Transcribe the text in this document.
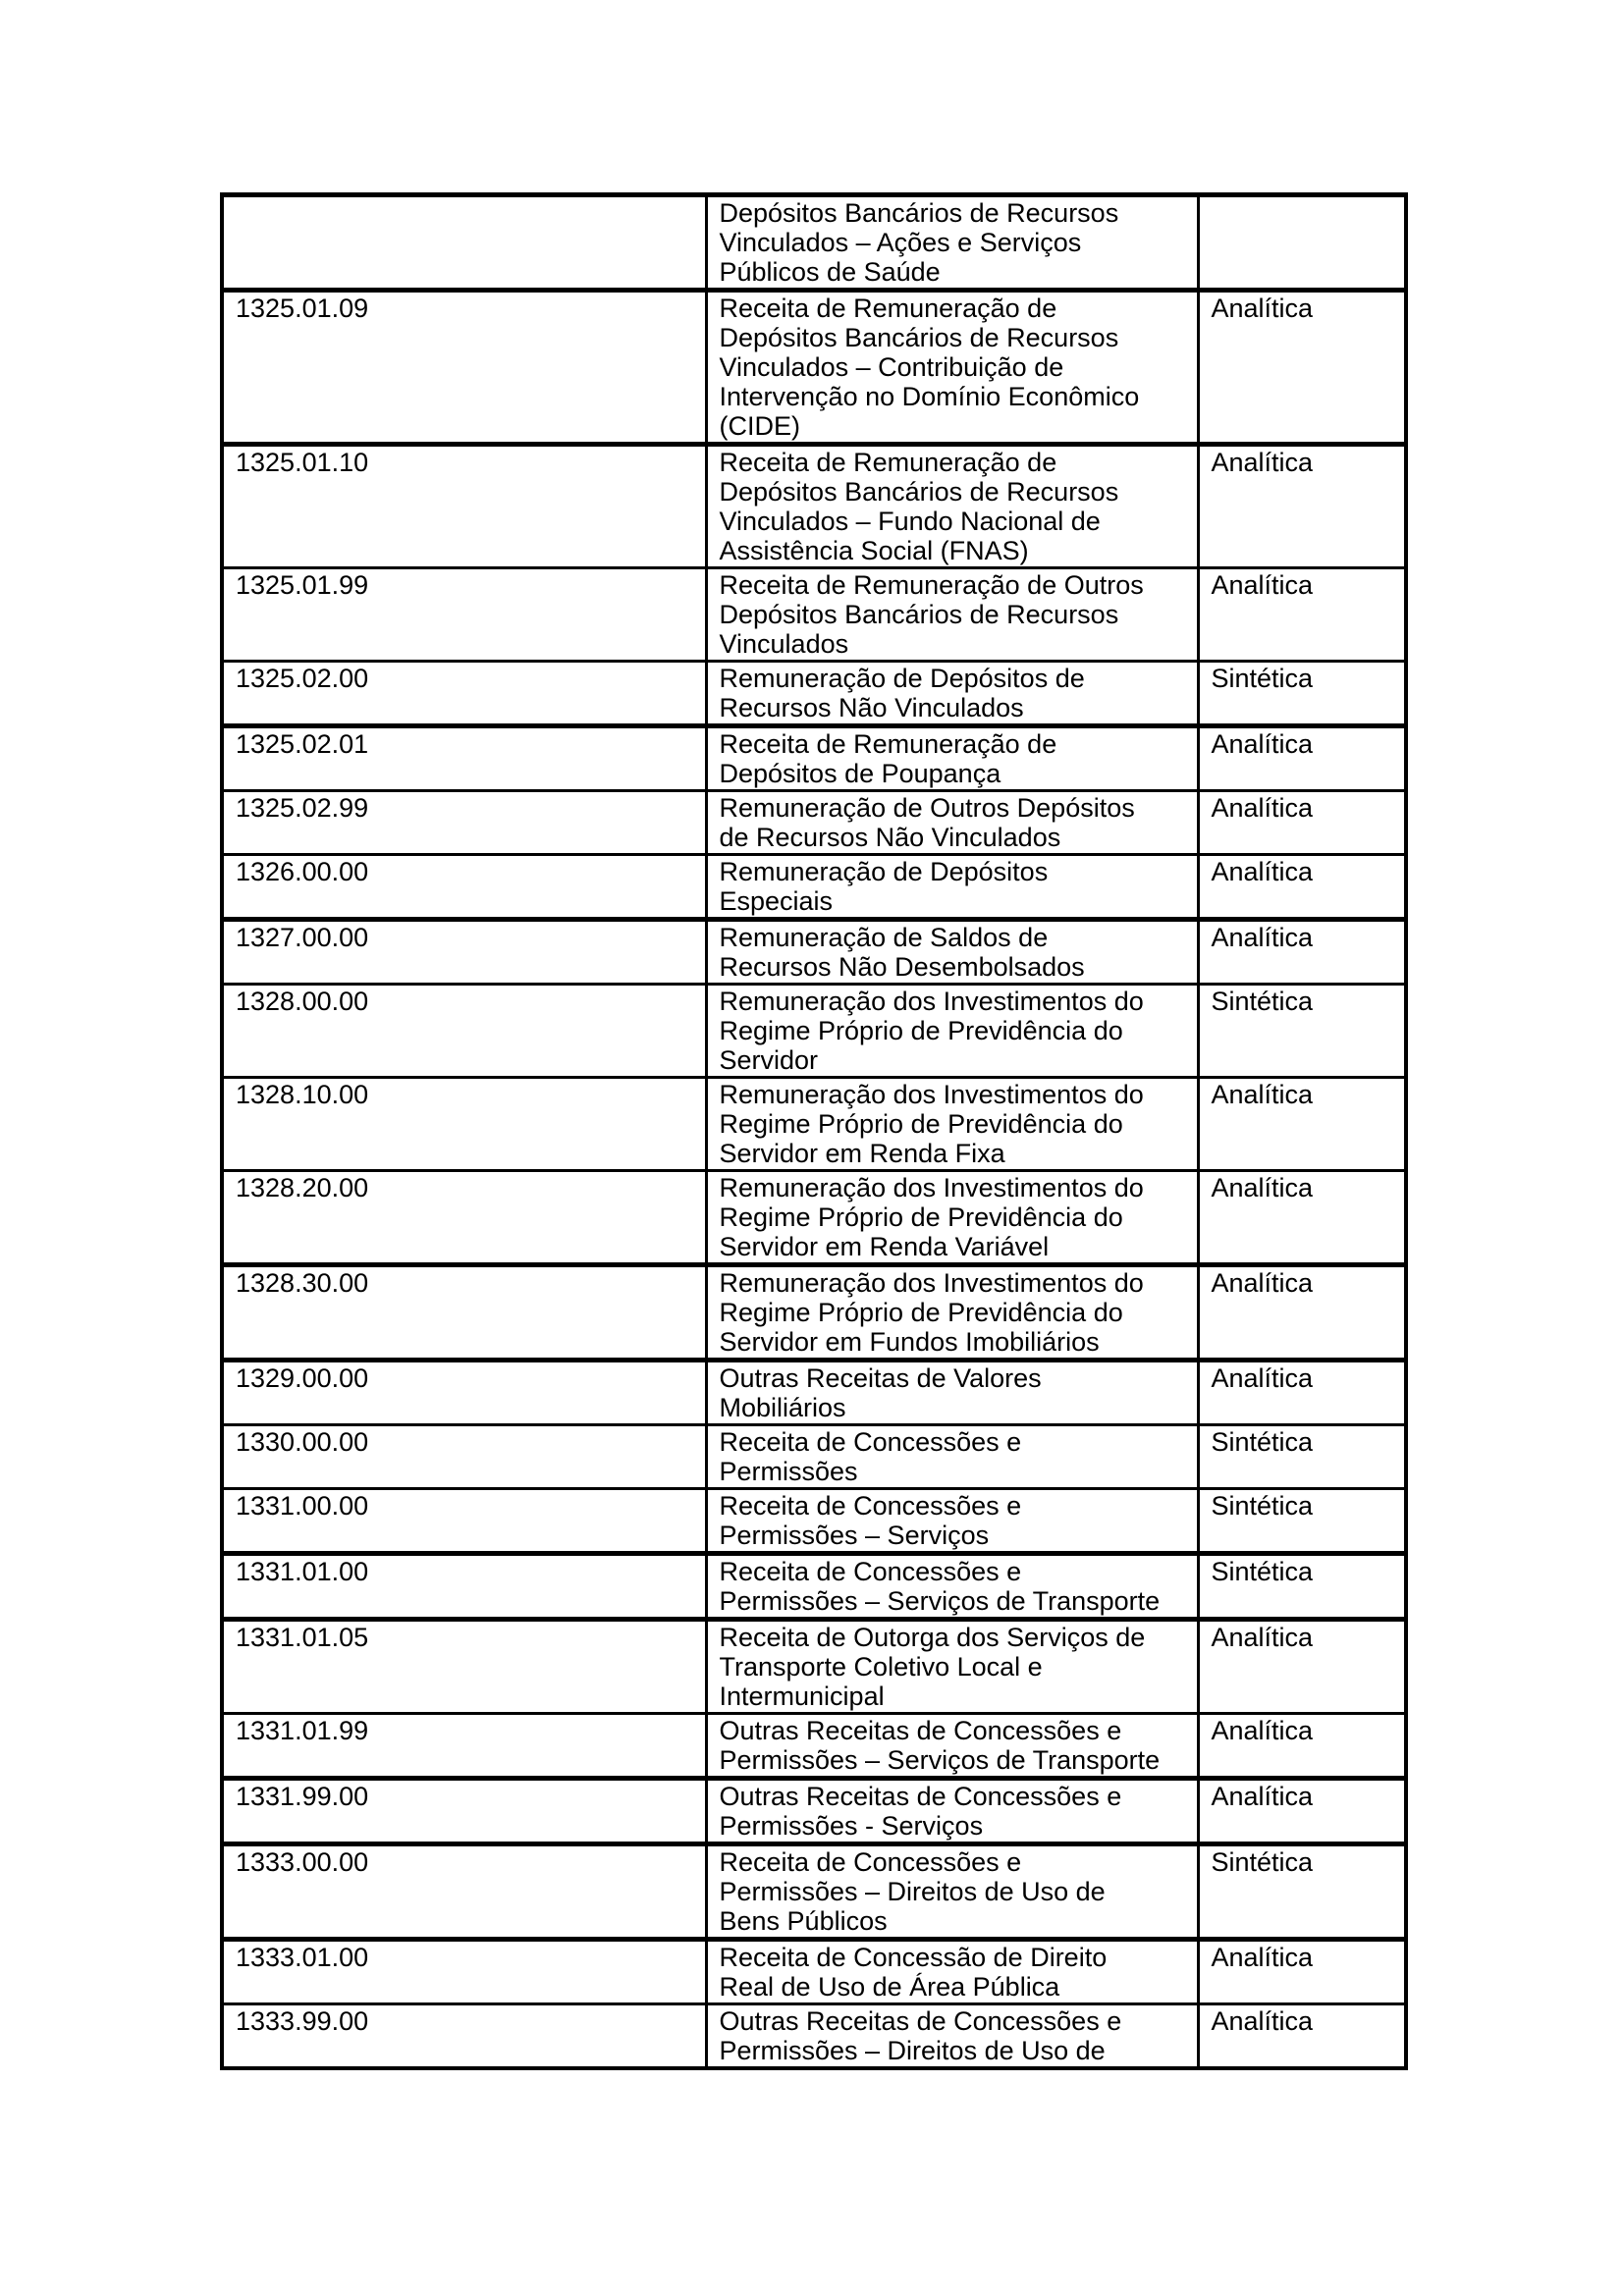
	Depósitos Bancários de Recursos
Vinculados – Ações e Serviços
Públicos de Saúde	

1325.01.09	Receita de Remuneração de
Depósitos Bancários de Recursos
Vinculados – Contribuição de
Intervenção no Domínio Econômico
(CIDE)	Analítica
1325.01.10	Receita de Remuneração de
Depósitos Bancários de Recursos
Vinculados – Fundo Nacional de
Assistência Social (FNAS)	Analítica
1325.01.99	Receita de Remuneração de Outros
Depósitos Bancários de Recursos
Vinculados	Analítica
1325.02.00	Remuneração de Depósitos de
Recursos Não Vinculados	Sintética
1325.02.01	Receita de Remuneração de
Depósitos de Poupança	Analítica
1325.02.99	Remuneração de Outros Depósitos
de Recursos Não Vinculados	Analítica
1326.00.00	Remuneração de Depósitos
Especiais	Analítica
1327.00.00	Remuneração de Saldos de
Recursos Não Desembolsados	Analítica
1328.00.00	Remuneração dos Investimentos do
Regime Próprio de Previdência do
Servidor	Sintética
1328.10.00	Remuneração dos Investimentos do
Regime Próprio de Previdência do
Servidor em Renda Fixa	Analítica
1328.20.00	Remuneração dos Investimentos do
Regime Próprio de Previdência do
Servidor em Renda Variável	Analítica
1328.30.00	Remuneração dos Investimentos do
Regime Próprio de Previdência do
Servidor em Fundos Imobiliários	Analítica
1329.00.00	Outras Receitas de Valores
Mobiliários	Analítica
1330.00.00	Receita de Concessões e
Permissões	Sintética
1331.00.00	Receita de Concessões e
Permissões – Serviços	Sintética
1331.01.00	Receita de Concessões e
Permissões – Serviços de Transporte	Sintética
1331.01.05	Receita de Outorga dos Serviços de
Transporte Coletivo Local e
Intermunicipal	Analítica
1331.01.99	Outras Receitas de Concessões e
Permissões – Serviços de Transporte	Analítica
1331.99.00	Outras Receitas de Concessões e
Permissões - Serviços	Analítica
1333.00.00	Receita de Concessões e
Permissões – Direitos de Uso de
Bens Públicos	Sintética
1333.01.00	Receita de Concessão de Direito
Real de Uso de Área Pública	Analítica
1333.99.00	Outras Receitas de Concessões e
Permissões – Direitos de Uso de	Analítica
